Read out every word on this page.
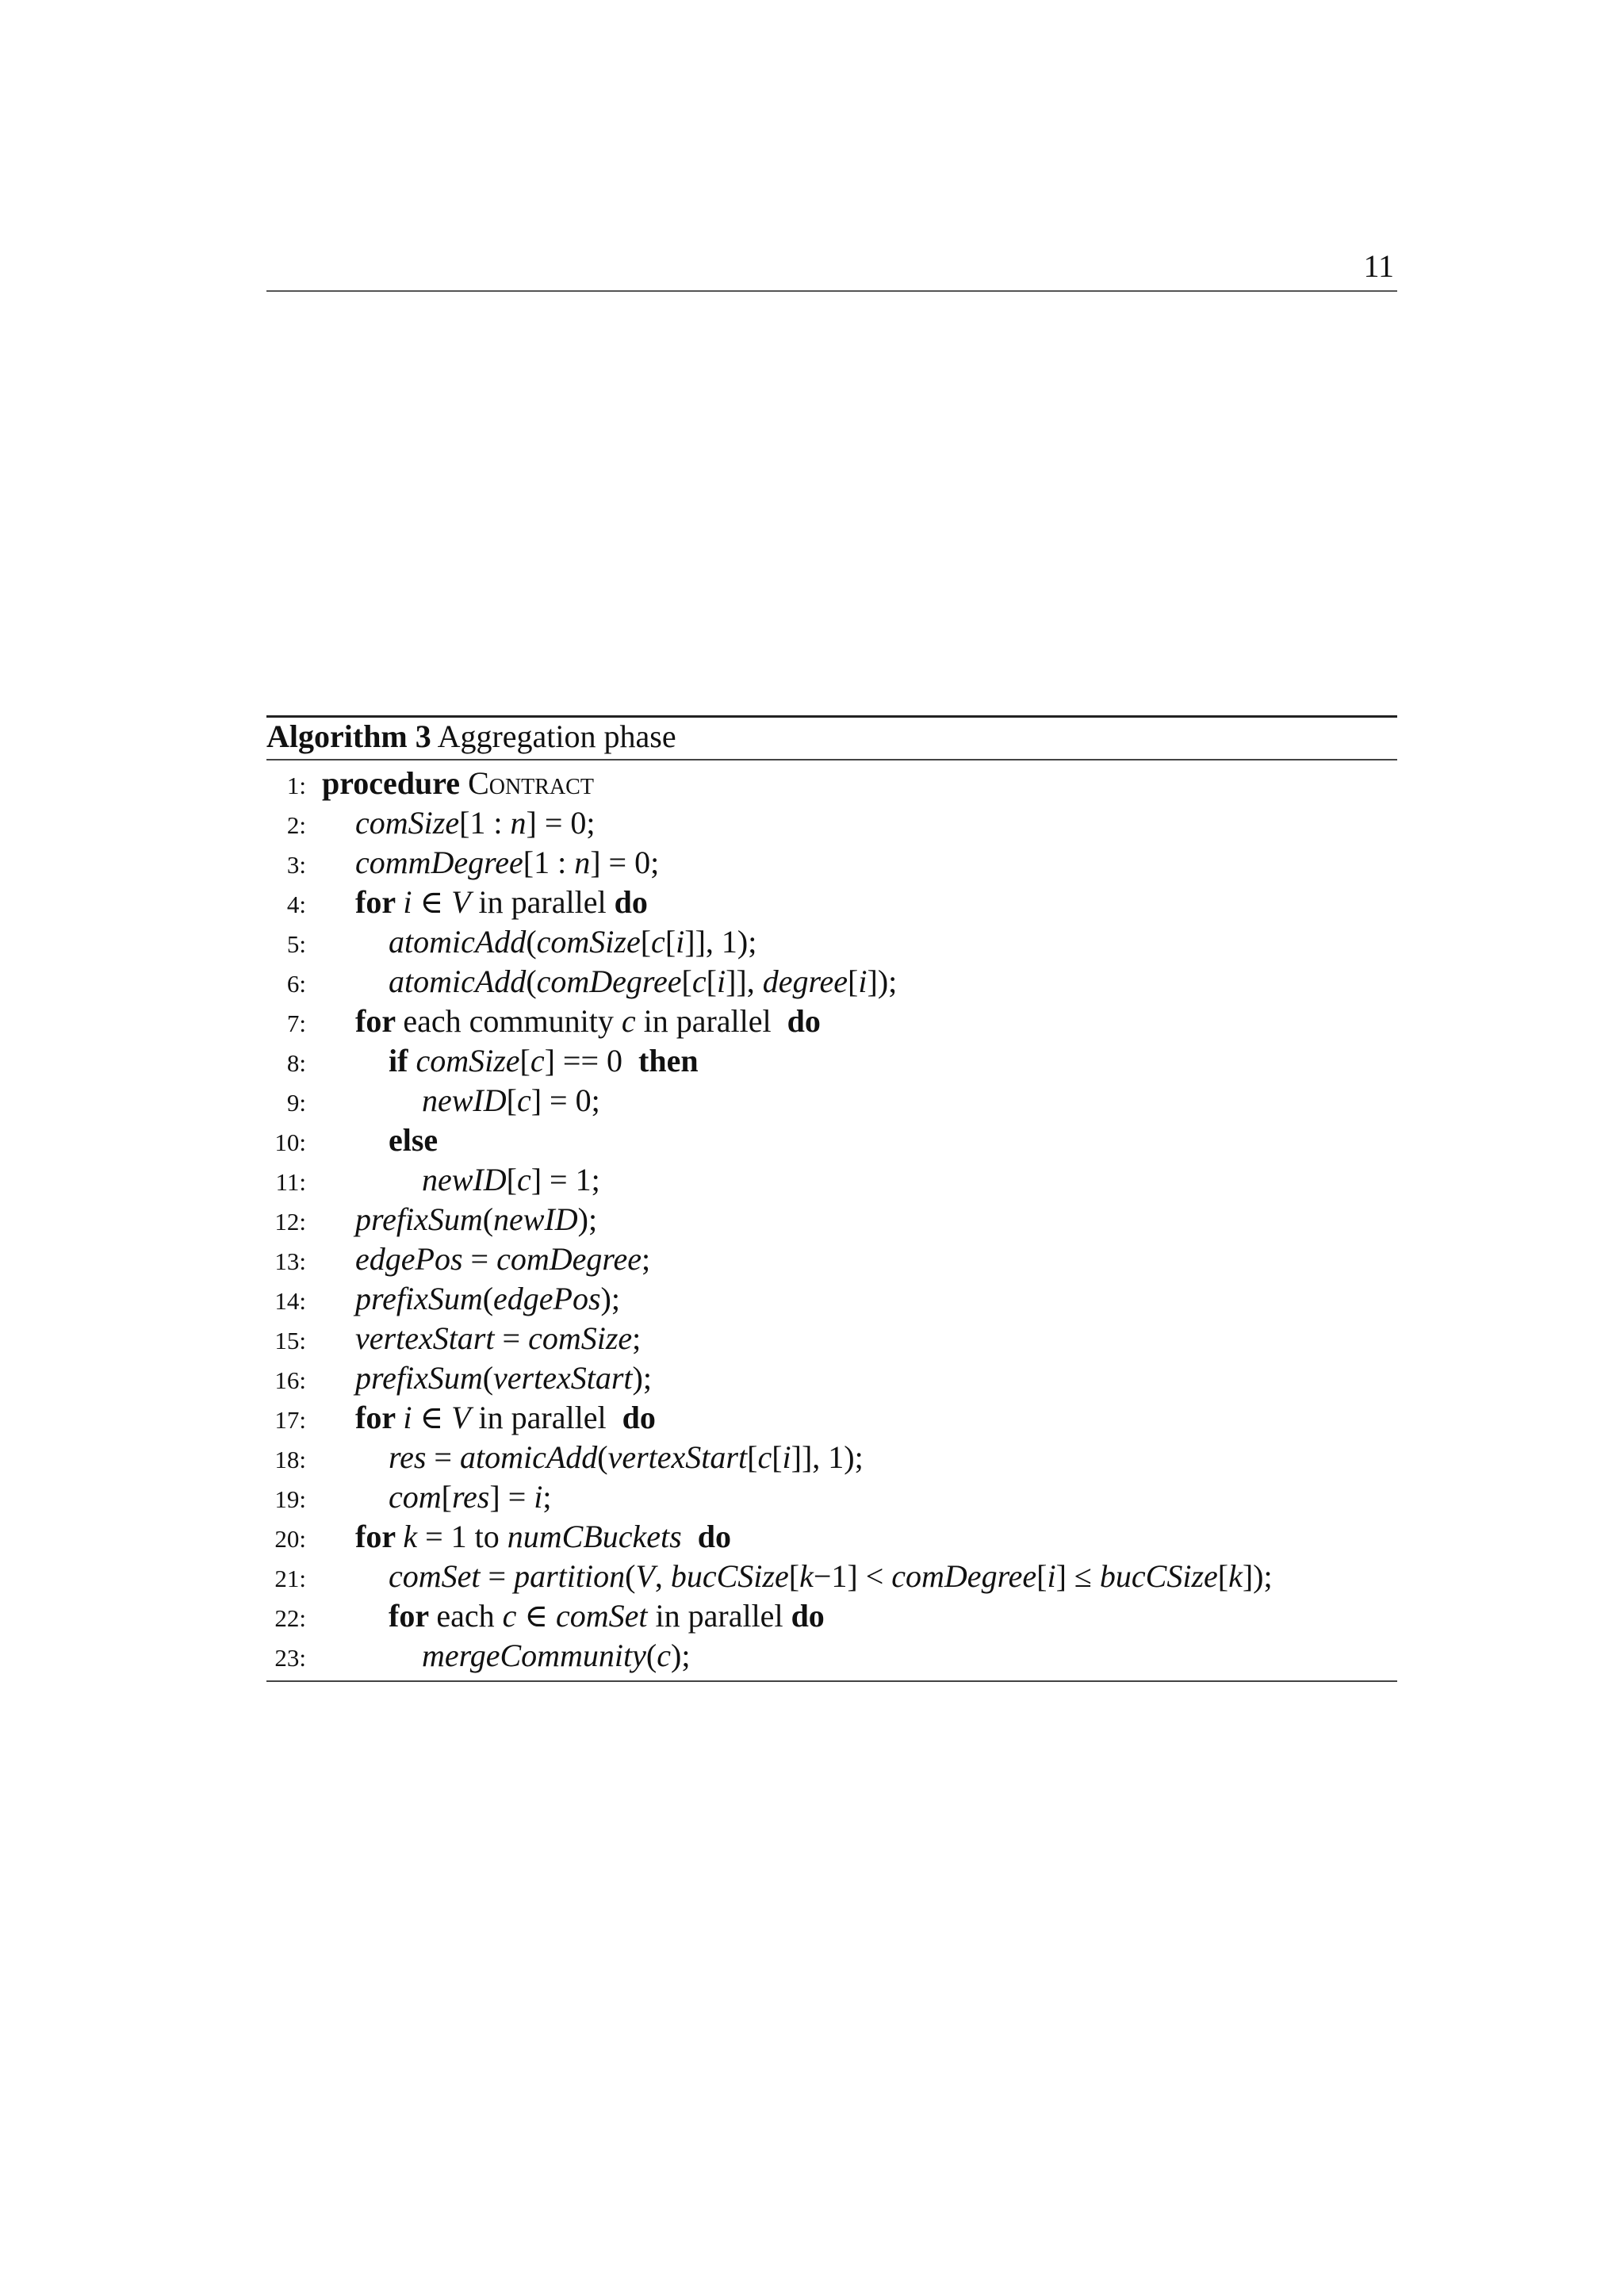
11
Algorithm 3 Aggregation phase
1: procedure Contract
2: comSize[1 : n] = 0;
3: commDegree[1 : n] = 0;
4: for i ∈ V in parallel do
5:	atomicAdd(comSize[c[i]], 1);
6:	atomicAdd(comDegree[c[i]], degree[i]);
7: for each community c in parallel  do
8:	if comSize[c] == 0  then
9:	newID[c] = 0;
10:	else
11:	newID[c] = 1;
12: prefixSum(newID);
13: edgePos = comDegree;
14: prefixSum(edgePos);
15: vertexStart = comSize;
16: prefixSum(vertexStart);
17: for i ∈ V in parallel  do
18:	res = atomicAdd(vertexStart[c[i]], 1);
19:	com[res] = i;
20: for k = 1 to numCBuckets do
21:	comSet = partition(V, bucCSize[k−1] < comDegree[i] ≤ bucCSize[k]);
22:	for each c ∈ comSet in parallel do
23:	mergeCommunity(c);
